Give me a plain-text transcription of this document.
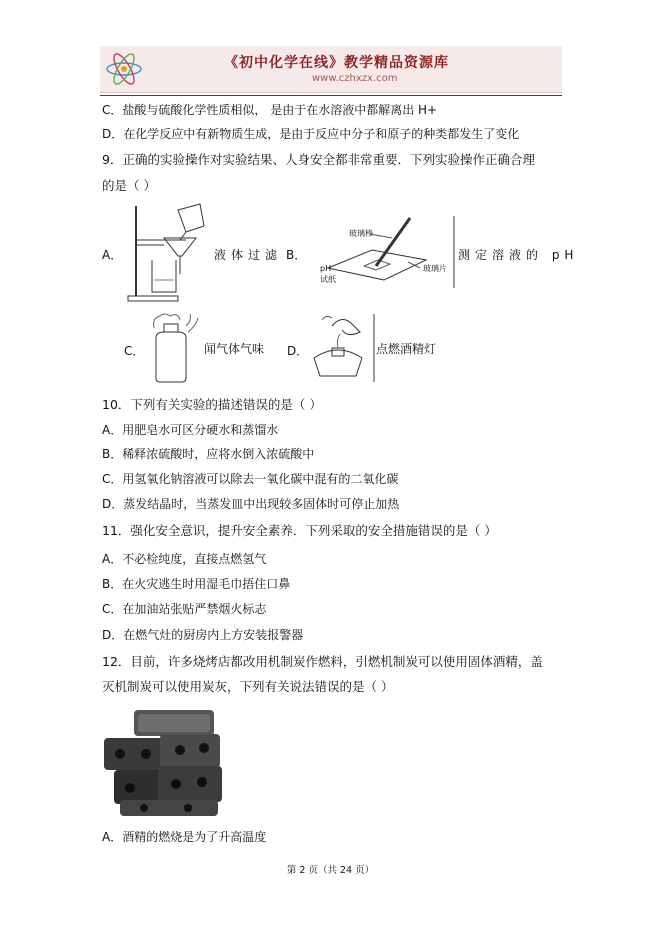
《初中化学在线》教学精品资源库
www.czhxzx.com
C．盐酸与硫酸化学性质相似， 是由于在水溶液中都解离出 H+
D．在化学反应中有新物质生成，是由于反应中分子和原子的种类都发生了变化
9．正确的实验操作对实验结果、人身安全都非常重要．下列实验操作正确合理
的是（ ）
A．	液体过滤 B．
玻璃棒
pH
试纸
玻璃片
测定溶液的 pH
C．	闻气体气味 D．	点燃酒精灯
10．下列有关实验的描述错误的是（ ）
A．用肥皂水可区分硬水和蒸馏水
B．稀释浓硫酸时，应将水倒入浓硫酸中
C．用氢氧化钠溶液可以除去一氧化碳中混有的二氧化碳
D．蒸发结晶时，当蒸发皿中出现较多固体时可停止加热
11．强化安全意识，提升安全素养．下列采取的安全措施错误的是（ ）
A．不必检纯度，直接点燃氢气
B．在火灾逃生时用湿毛巾捂住口鼻
C．在加油站张贴严禁烟火标志
D．在燃气灶的厨房内上方安装报警器
12．目前，许多烧烤店都改用机制炭作燃料，引燃机制炭可以使用固体酒精，盖
灭机制炭可以使用炭灰，下列有关说法错误的是（ ）
A．酒精的燃烧是为了升高温度
第 2 页（共 24 页）
